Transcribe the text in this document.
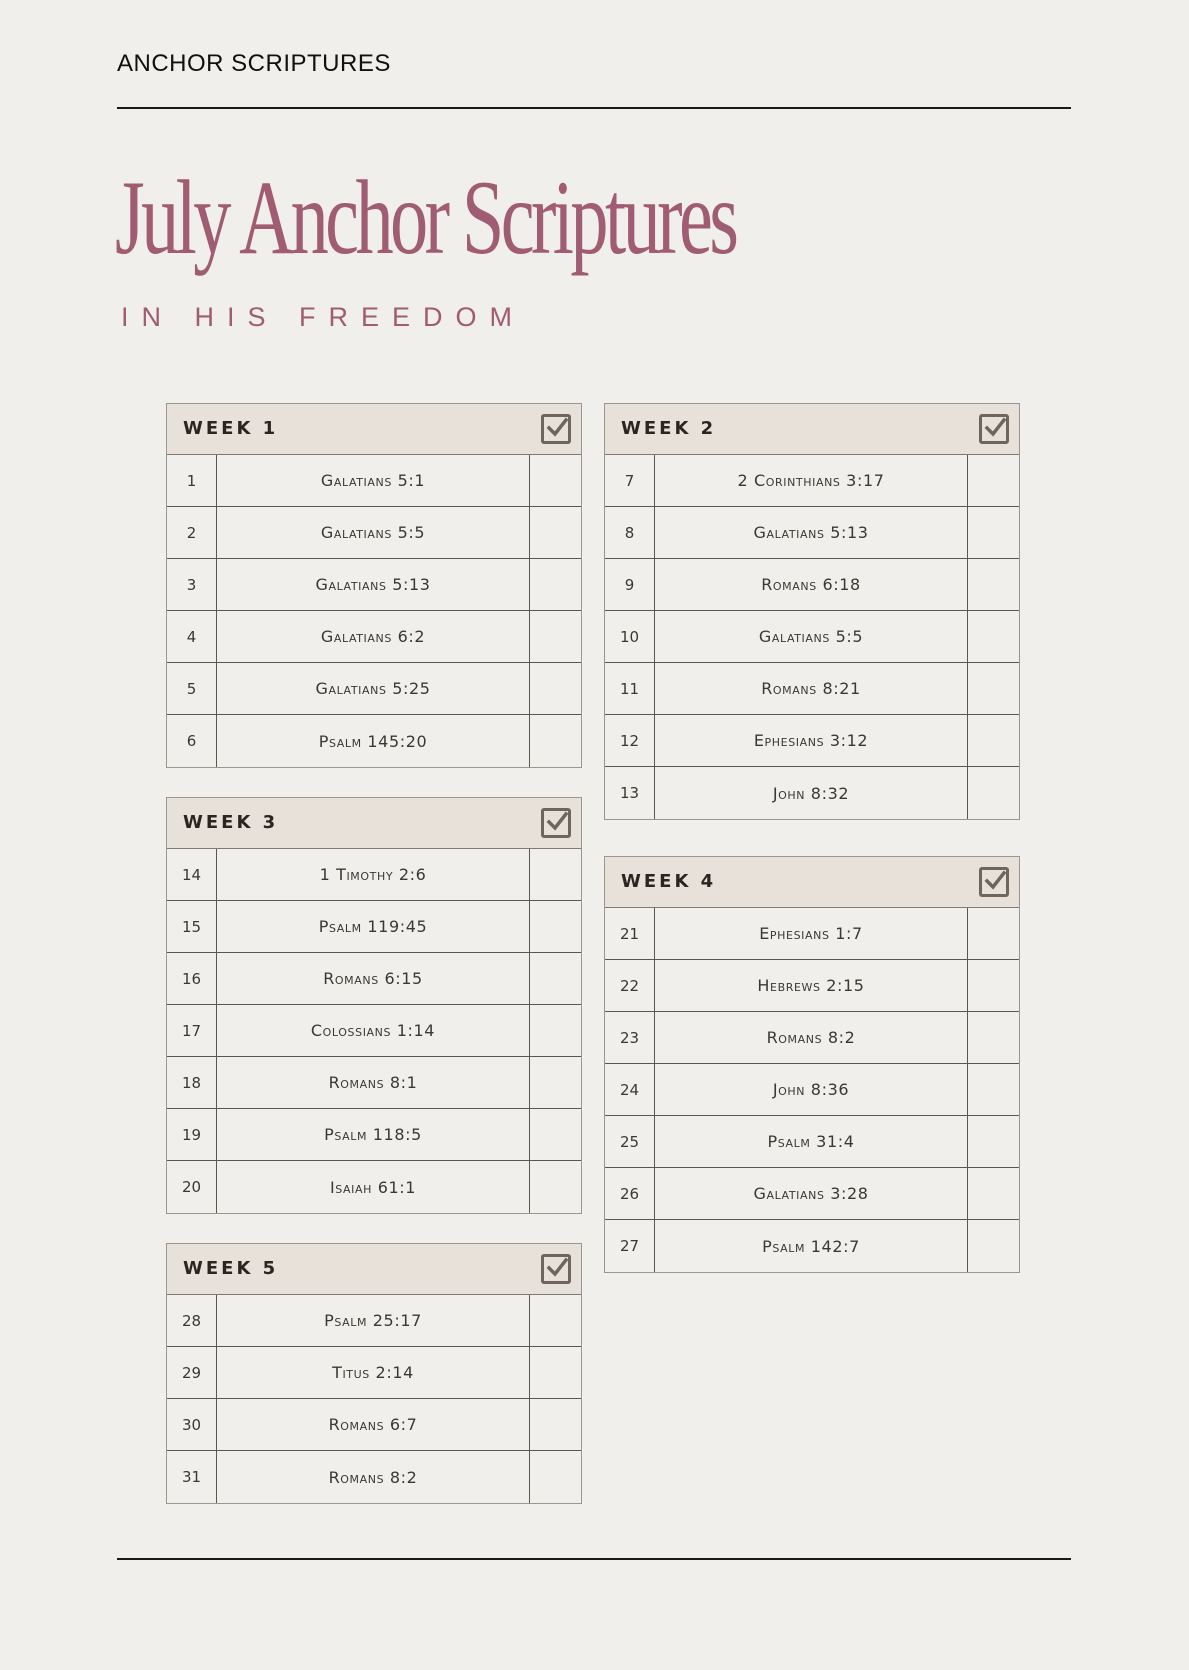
ANCHOR SCRIPTURES
July Anchor Scriptures
IN HIS FREEDOM
WEEK 1
1	Galatians 5:1
2	Galatians 5:5
3	Galatians 5:13
4	Galatians 6:2
5	Galatians 5:25
6	Psalm 145:20
WEEK 2
7	2 Corinthians 3:17
8	Galatians 5:13
9	Romans 6:18
10	Galatians 5:5
11	Romans 8:21
12	Ephesians 3:12
13	John 8:32
WEEK 3
14	1 Timothy 2:6
15	Psalm 119:45
16	Romans 6:15
17	Colossians 1:14
18	Romans 8:1
19	Psalm 118:5
20	Isaiah 61:1
WEEK 4
21	Ephesians 1:7
22	Hebrews 2:15
23	Romans 8:2
24	John 8:36
25	Psalm 31:4
26	Galatians 3:28
27	Psalm 142:7
WEEK 5
28	Psalm 25:17
29	Titus 2:14
30	Romans 6:7
31	Romans 8:2
